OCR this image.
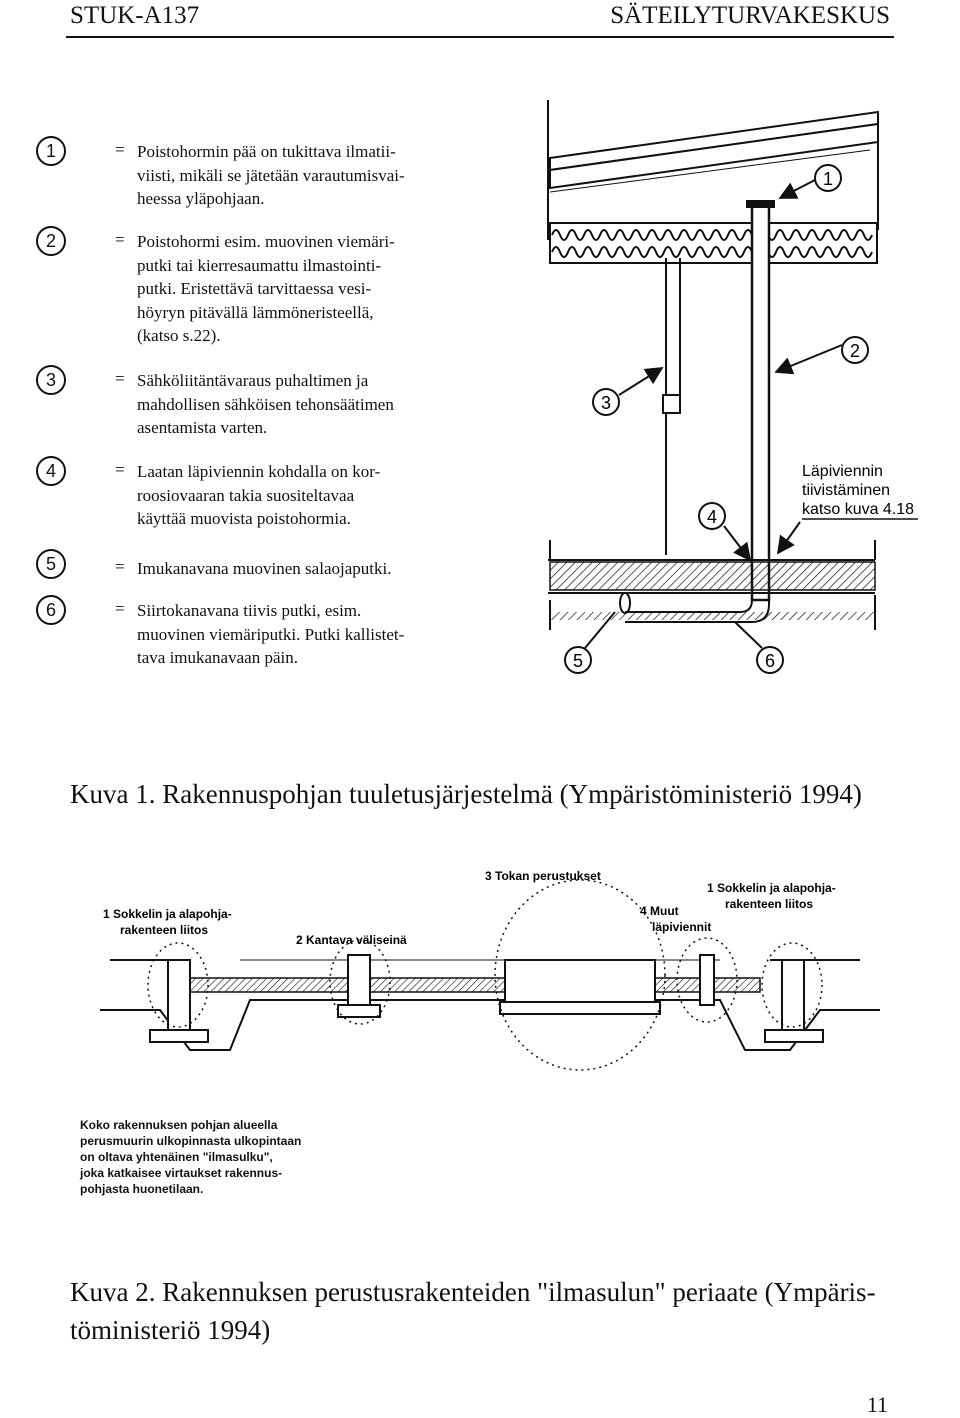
STUK-A137	SÄTEILYTURVAKESKUS
1	= Poistohormin pää on tukittava ilmatii-
viisti, mikäli se jätetään varautumisvai-
heessa yläpohjaan.
2	= Poistohormi esim. muovinen viemäri-
putki tai kierresaumattu ilmastointi-
putki. Eristettävä tarvittaessa vesi-
höyryn pitävällä lämmöneristeellä,
(katso s.22).
3	= Sähköliitäntävaraus puhaltimen ja
mahdollisen sähköisen tehonsäätimen
asentamista varten.
4	= Laatan läpiviennin kohdalla on kor-
roosiovaaran takia suositeltavaa
käyttää muovista poistohormia.
5	= Imukanavana muovinen salaojaputki.
6	= Siirtokanavana tiivis putki, esim.
muovinen viemäriputki. Putki kallistet-
tava imukanavaan päin.
1
2
3
4
5	6
Läpiviennin
tiivistäminen
katso kuva 4.18
Kuva 1. Rakennuspohjan tuuletusjärjestelmä (Ympäristöministeriö 1994)
1 Sokkelin ja alapohja-
rakenteen liitos
2 Kantava väliseinä
3 Tokan perustukset
1 Sokkelin ja alapohja-
rakenteen liitos
4 Muut
läpiviennit
Koko rakennuksen pohjan alueella
perusmuurin ulkopinnasta ulkopintaan
on oltava yhtenäinen "ilmasulku",
joka katkaisee virtaukset rakennus-
pohjasta huonetilaan.
Kuva 2. Rakennuksen perustusrakenteiden "ilmasulun" periaate (Ympäris-
töministeriö 1994)
11
